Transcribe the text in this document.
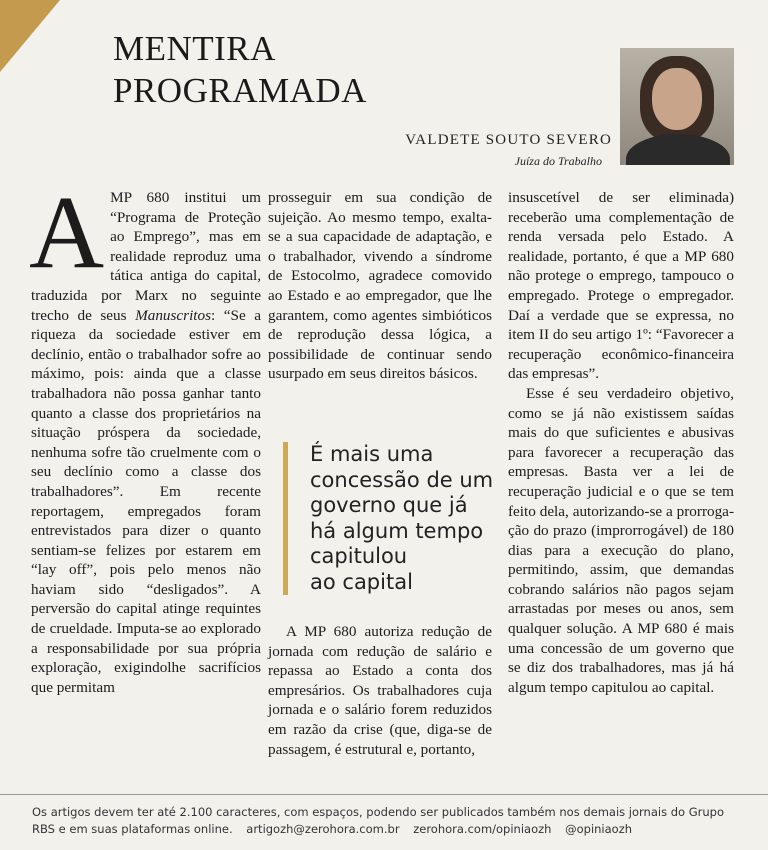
MENTIRA
PROGRAMADA
VALDETE SOUTO SEVERO
Juíza do Trabalho

AMP 680 institui um “Programa de Proteção ao Emprego”, mas em realidade reproduz uma tática antiga do capital, traduzida por Marx no seguinte trecho de seus Manuscritos: “Se a riqueza da sociedade estiver em declínio, então o trabalhador sofre ao máximo, pois: ainda que a classe trabalhadora não possa ganhar tanto quanto a classe dos proprietários na situação próspera da sociedade, nenhuma sofre tão cruelmente com o seu declínio como a classe dos trabalhadores”. Em recente reportagem, empregados foram entrevistados para dizer o quanto sentiam-se felizes por estarem em “lay off”, pois pelo menos não haviam sido “desligados”. A perversão do capital atinge requintes de crueldаde. Imputa-se ao explorado a responsabilidade por sua própria exploração, exigindolhe sacrifícios que permitam

prosseguir em sua condição de sujeição. Ao mesmo tempo, exalta-se a sua capacidade de adaptação, e o trabalhador, vivendo a síndrome de Estocolmo, agradece comovido ao Estado e ao empregador, que lhe garantem, como agentes simbióticos de reprodução dessa lógica, a possibilidade de continuar sendo usurpado em seus direitos básicos.

É mais uma
concessão de um
governo que já
há algum tempo
capitulou
ao capital

A MP 680 autoriza redução de jornada com redução de salário e repassa ao Estado a conta dos empresários. Os trabalhadores cuja jornada e o salário forem reduzidos em razão da crise (que, diga-se de passagem, é estrutural e, portanto,

insuscetível de ser eliminada) receberão uma complementação de renda versada pelo Estado. A realidade, portanto, é que a MP 680 não protege o emprego, tampouco o empregado. Protege o empregador. Daí a verdade que se expressa, no item II do seu artigo 1º: “Favorecer a recuperação econômico-financeira das empresas”.

Esse é seu verdadeiro objetivo, como se já não existissem saídas mais do que suficientes e abusivas para favorecer a recuperação das empresas. Basta ver a lei de recuperação judicial e o que se tem feito dela, autorizando-se a prorrogação do prazo (improrrogável) de 180 dias para a execução do plano, permitindo, assim, que demandas cobrando salários não pagos sejam arrastadas por meses ou anos, sem qualquer solução. A MP 680 é mais uma concessão de um governo que se diz dos trabalhadores, mas já há algum tempo capitulou ao capital.

Os artigos devem ter até 2.100 caracteres, com espaços, podendo ser publicados também nos demais jornais do Grupo
RBS e em suas plataformas online. artigozh@zerohora.com.br zerohora.com/opiniaozh @opiniaozh
